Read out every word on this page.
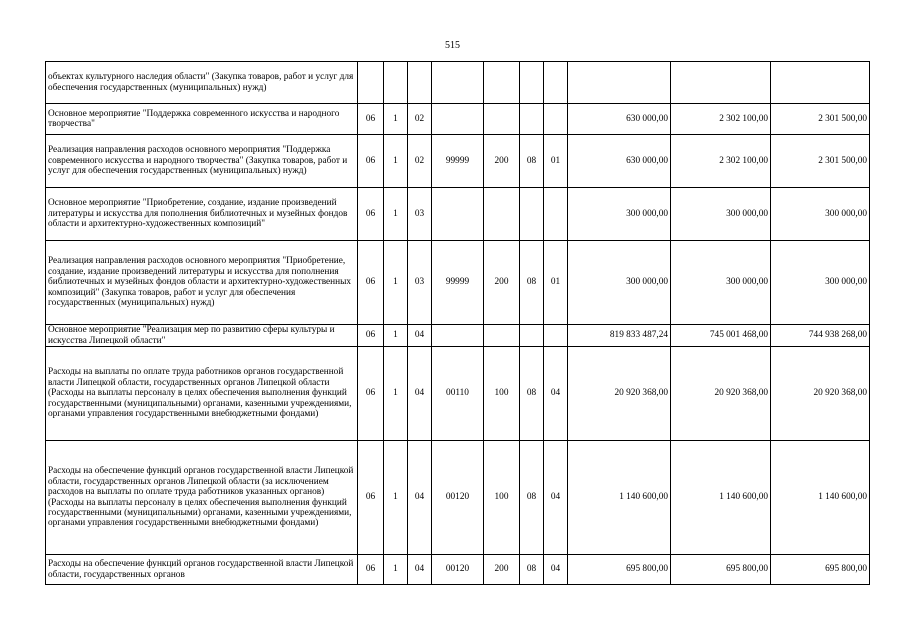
515
объектах культурного наследия области" (Закупка товаров, работ и услуг для обеспечения государственных (муниципальных) нужд)										
Основное мероприятие "Поддержка современного искусства и народного творчества"	06	1	02					630 000,00	2 302 100,00	2 301 500,00
Реализация направления расходов основного мероприятия "Поддержка современного искусства и народного творчества" (Закупка товаров, работ и услуг для обеспечения государственных (муниципальных) нужд)	06	1	02	99999	200	08	01	630 000,00	2 302 100,00	2 301 500,00
Основное мероприятие "Приобретение, создание, издание произведений литературы и искусства для пополнения библиотечных и музейных фондов области и архитектурно-художественных композиций"	06	1	03					300 000,00	300 000,00	300 000,00
Реализация направления расходов основного мероприятия "Приобретение, создание, издание произведений литературы и искусства для пополнения библиотечных и музейных фондов области и архитектурно-художественных композиций" (Закупка товаров, работ и услуг для обеспечения государственных (муниципальных) нужд)	06	1	03	99999	200	08	01	300 000,00	300 000,00	300 000,00
Основное мероприятие "Реализация мер по развитию сферы культуры и искусства Липецкой области"	06	1	04					819 833 487,24	745 001 468,00	744 938 268,00
Расходы на выплаты по оплате труда работников органов государственной власти Липецкой области, государственных органов Липецкой области (Расходы на выплаты персоналу в целях обеспечения выполнения функций государственными (муниципальными) органами, казенными учреждениями, органами управления государственными внебюджетными фондами)	06	1	04	00110	100	08	04	20 920 368,00	20 920 368,00	20 920 368,00
Расходы на обеспечение функций органов государственной власти Липецкой области, государственных органов Липецкой области (за исключением расходов на выплаты по оплате труда работников указанных органов) (Расходы на выплаты персоналу в целях обеспечения выполнения функций государственными (муниципальными) органами, казенными учреждениями, органами управления государственными внебюджетными фондами)	06	1	04	00120	100	08	04	1 140 600,00	1 140 600,00	1 140 600,00
Расходы на обеспечение функций органов государственной власти Липецкой области, государственных органов	06	1	04	00120	200	08	04	695 800,00	695 800,00	695 800,00
